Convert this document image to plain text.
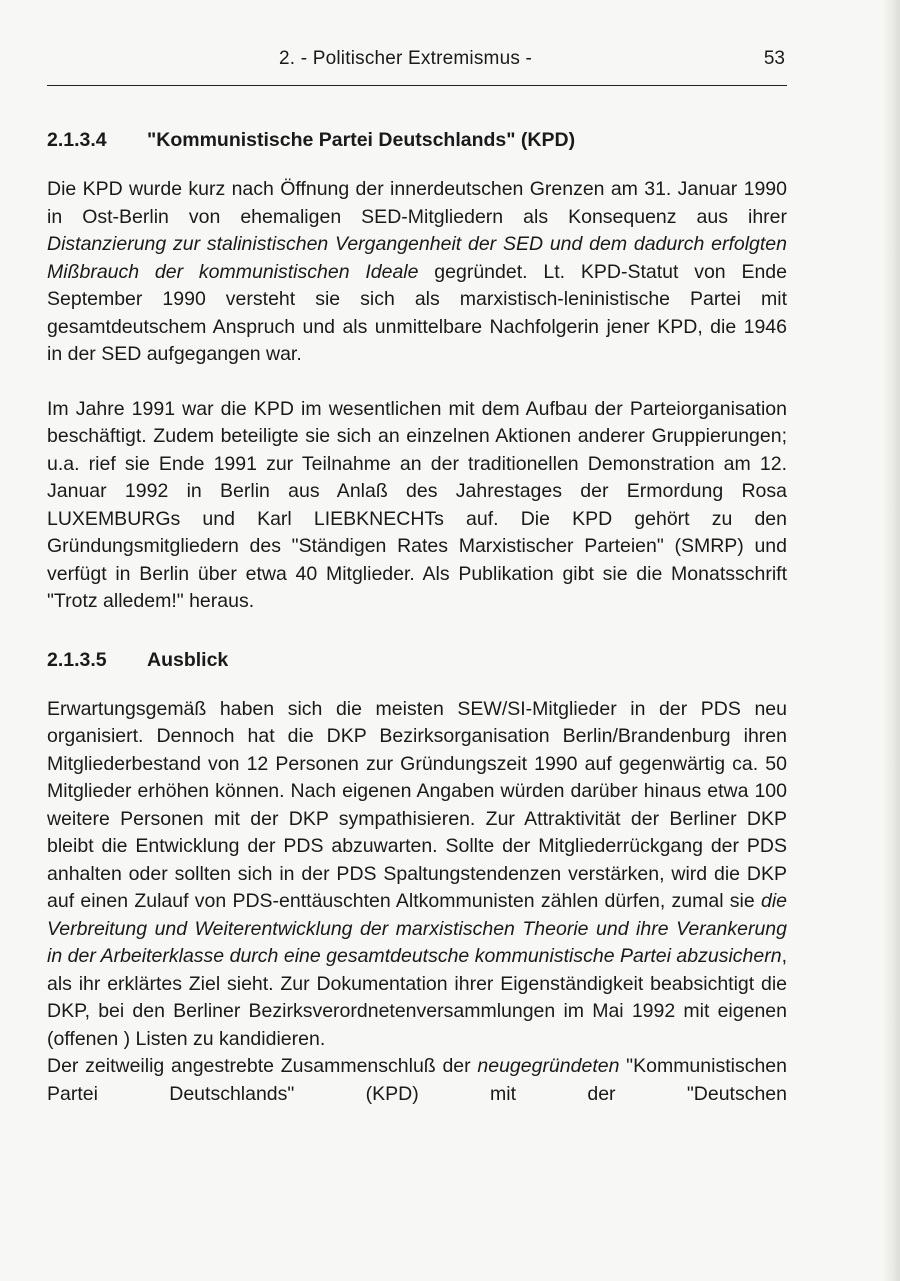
2. - Politischer Extremismus -	53
2.1.3.4 "Kommunistische Partei Deutschlands" (KPD)

Die KPD wurde kurz nach Öffnung der innerdeutschen Grenzen am 31. Januar 1990 in Ost-Berlin von ehemaligen SED-Mitgliedern als Konsequenz aus ihrer Distanzierung zur stalinistischen Vergangenheit der SED und dem dadurch erfolgten Mißbrauch der kommunistischen Ideale gegründet. Lt. KPD-Statut von Ende September 1990 versteht sie sich als marxistisch-leninistische Partei mit gesamtdeutschem Anspruch und als unmittelbare Nachfolgerin jener KPD, die 1946 in der SED aufgegangen war.

Im Jahre 1991 war die KPD im wesentlichen mit dem Aufbau der Parteiorganisation beschäftigt. Zudem beteiligte sie sich an einzelnen Aktionen anderer Gruppierungen; u.a. rief sie Ende 1991 zur Teilnahme an der traditionellen Demonstration am 12. Januar 1992 in Berlin aus Anlaß des Jahrestages der Ermordung Rosa LUXEMBURGs und Karl LIEBKNECHTs auf. Die KPD gehört zu den Gründungsmitgliedern des "Ständigen Rates Marxistischer Parteien" (SMRP) und verfügt in Berlin über etwa 40 Mitglieder. Als Publikation gibt sie die Monatsschrift "Trotz alledem!" heraus.

2.1.3.5 Ausblick

Erwartungsgemäß haben sich die meisten SEW/SI-Mitglieder in der PDS neu organisiert. Dennoch hat die DKP Bezirksorganisation Berlin/Brandenburg ihren Mitgliederbestand von 12 Personen zur Gründungszeit 1990 auf gegenwärtig ca. 50 Mitglieder erhöhen können. Nach eigenen Angaben würden darüber hinaus etwa 100 weitere Personen mit der DKP sympathisieren. Zur Attraktivität der Berliner DKP bleibt die Entwicklung der PDS abzuwarten. Sollte der Mitgliederrückgang der PDS anhalten oder sollten sich in der PDS Spaltungstendenzen verstärken, wird die DKP auf einen Zulauf von PDS-enttäuschten Altkommunisten zählen dürfen, zumal sie die Verbreitung und Weiterentwicklung der marxistischen Theorie und ihre Verankerung in der Arbeiterklasse durch eine gesamtdeutsche kommunistische Partei abzusichern, als ihr erklärtes Ziel sieht. Zur Dokumentation ihrer Eigenständigkeit beabsichtigt die DKP, bei den Berliner Bezirksverordnetenversammlungen im Mai 1992 mit eigenen (offenen ) Listen zu kandidieren.

Der zeitweilig angestrebte Zusammenschluß der neugegründeten "Kommunistischen Partei Deutschlands" (KPD) mit der "Deutschen
